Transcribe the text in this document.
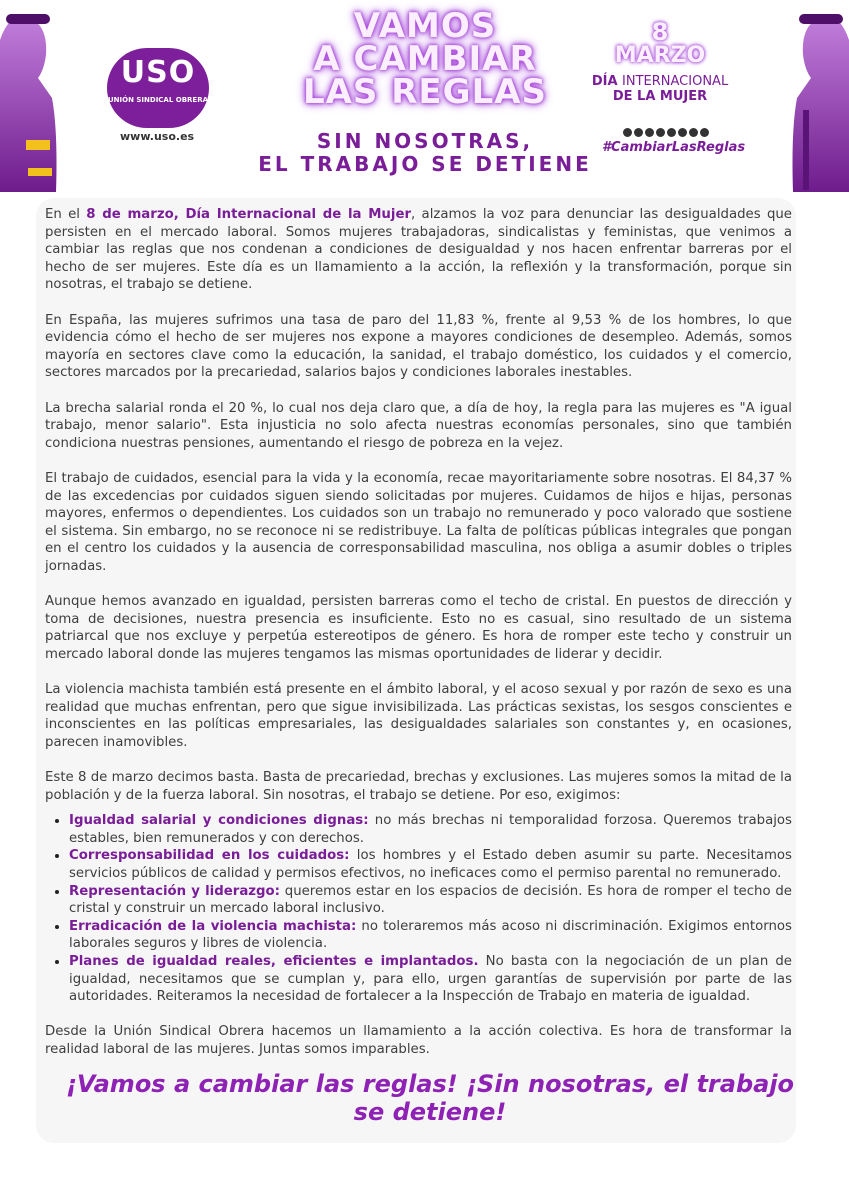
USO
UNIÓN SINDICAL OBRERA
www.uso.es
VAMOS
A CAMBIAR
LAS REGLAS
SIN NOSOTRAS,
EL TRABAJO SE DETIENE
8
MARZO
DÍA INTERNACIONAL
DE LA MUJER
#CambiarLasReglas

En el 8 de marzo, Día Internacional de la Mujer, alzamos la voz para denunciar las desigualdades que persisten en el mercado laboral. Somos mujeres trabajadoras, sindicalistas y feministas, que venimos a cambiar las reglas que nos condenan a condiciones de desigualdad y nos hacen enfrentar barreras por el hecho de ser mujeres. Este día es un llamamiento a la acción, la reflexión y la transformación, porque sin nosotras, el trabajo se detiene.

En España, las mujeres sufrimos una tasa de paro del 11,83 %, frente al 9,53 % de los hombres, lo que evidencia cómo el hecho de ser mujeres nos expone a mayores condiciones de desempleo. Además, somos mayoría en sectores clave como la educación, la sanidad, el trabajo doméstico, los cuidados y el comercio, sectores marcados por la precariedad, salarios bajos y condiciones laborales inestables.

La brecha salarial ronda el 20 %, lo cual nos deja claro que, a día de hoy, la regla para las mujeres es "A igual trabajo, menor salario". Esta injusticia no solo afecta nuestras economías personales, sino que también condiciona nuestras pensiones, aumentando el riesgo de pobreza en la vejez.

El trabajo de cuidados, esencial para la vida y la economía, recae mayoritariamente sobre nosotras. El 84,37 % de las excedencias por cuidados siguen siendo solicitadas por mujeres. Cuidamos de hijos e hijas, personas mayores, enfermos o dependientes. Los cuidados son un trabajo no remunerado y poco valorado que sostiene el sistema. Sin embargo, no se reconoce ni se redistribuye. La falta de políticas públicas integrales que pongan en el centro los cuidados y la ausencia de corresponsabilidad masculina, nos obliga a asumir dobles o triples jornadas.

Aunque hemos avanzado en igualdad, persisten barreras como el techo de cristal. En puestos de dirección y toma de decisiones, nuestra presencia es insuficiente. Esto no es casual, sino resultado de un sistema patriarcal que nos excluye y perpetúa estereotipos de género. Es hora de romper este techo y construir un mercado laboral donde las mujeres tengamos las mismas oportunidades de liderar y decidir.

La violencia machista también está presente en el ámbito laboral, y el acoso sexual y por razón de sexo es una realidad que muchas enfrentan, pero que sigue invisibilizada. Las prácticas sexistas, los sesgos conscientes e inconscientes en las políticas empresariales, las desigualdades salariales son constantes y, en ocasiones, parecen inamovibles.

Este 8 de marzo decimos basta. Basta de precariedad, brechas y exclusiones. Las mujeres somos la mitad de la población y de la fuerza laboral. Sin nosotras, el trabajo se detiene. Por eso, exigimos:

• Igualdad salarial y condiciones dignas: no más brechas ni temporalidad forzosa. Queremos trabajos estables, bien remunerados y con derechos.
• Corresponsabilidad en los cuidados: los hombres y el Estado deben asumir su parte. Necesitamos servicios públicos de calidad y permisos efectivos, no ineficaces como el permiso parental no remunerado.
• Representación y liderazgo: queremos estar en los espacios de decisión. Es hora de romper el techo de cristal y construir un mercado laboral inclusivo.
• Erradicación de la violencia machista: no toleraremos más acoso ni discriminación. Exigimos entornos laborales seguros y libres de violencia.
• Planes de igualdad reales, eficientes e implantados. No basta con la negociación de un plan de igualdad, necesitamos que se cumplan y, para ello, urgen garantías de supervisión por parte de las autoridades. Reiteramos la necesidad de fortalecer a la Inspección de Trabajo en materia de igualdad.

Desde la Unión Sindical Obrera hacemos un llamamiento a la acción colectiva. Es hora de transformar la realidad laboral de las mujeres. Juntas somos imparables.

¡Vamos a cambiar las reglas! ¡Sin nosotras, el trabajo se detiene!
